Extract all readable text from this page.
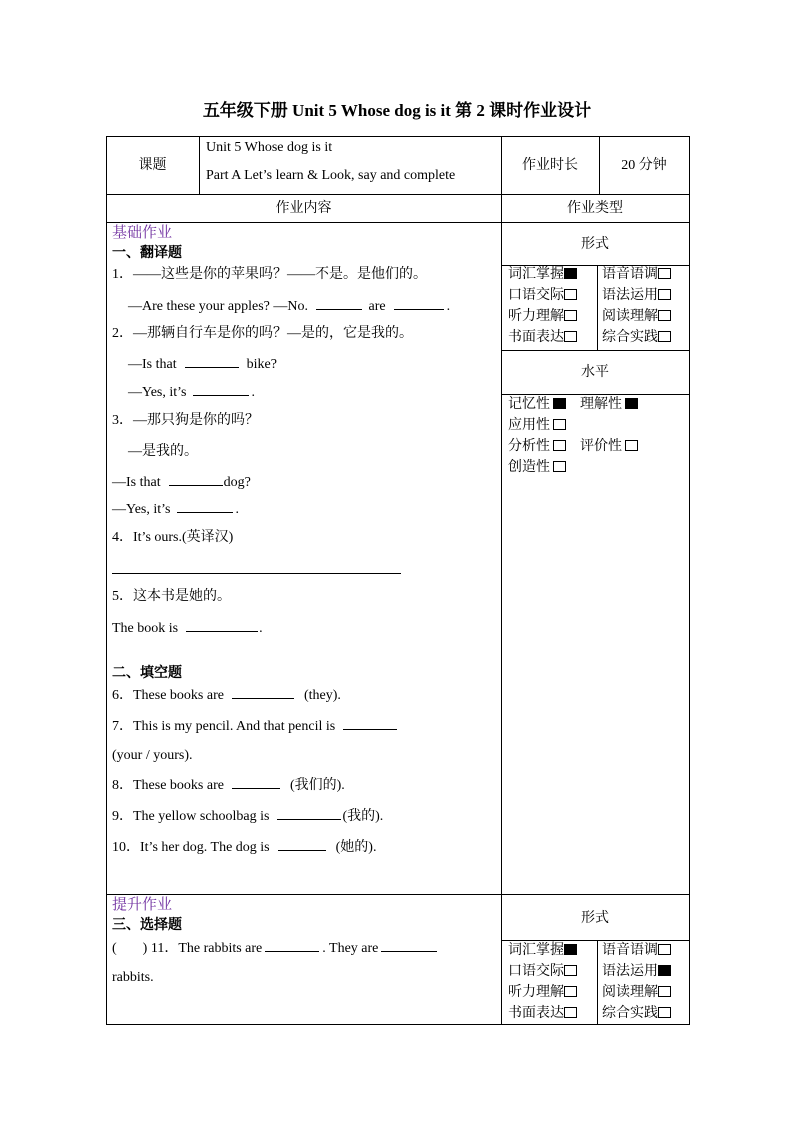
五年级下册 Unit 5 Whose dog is it 第 2 课时作业设计
课题
Unit 5 Whose dog is it
Part A Let’s learn & Look, say and complete
作业时长	20 分钟
作业内容	作业类型
基础作业
一、翻译题
1．——这些是你的苹果吗？——不是。是他们的。
—Are these your apples? —No.	are	.
2．—那辆自行车是你的吗？—是的，它是我的。
—Is that	bike?
—Yes, it’s	.
3．—那只狗是你的吗？
—是我的。
—Is that	dog?
—Yes, it’s	.
4．It’s ours.(英译汉)
5．这本书是她的。
The book is	.
二、填空题
6．These books are	(they).
7．This is my pencil. And that pencil is
(your / yours).
8．These books are	(我们的).
9．The yellow schoolbag is	(我的).
10．It’s her dog. The dog is	(她的).
提升作业
三、选择题
( ) 11．The rabbits are	. They are
rabbits.
形式
词汇掌握	语音语调
口语交际	语法运用
听力理解	阅读理解
书面表达	综合实践
水平
记忆性	理解性
应用性
分析性	评价性
创造性
形式
词汇掌握	语音语调
口语交际	语法运用
听力理解	阅读理解
书面表达	综合实践
